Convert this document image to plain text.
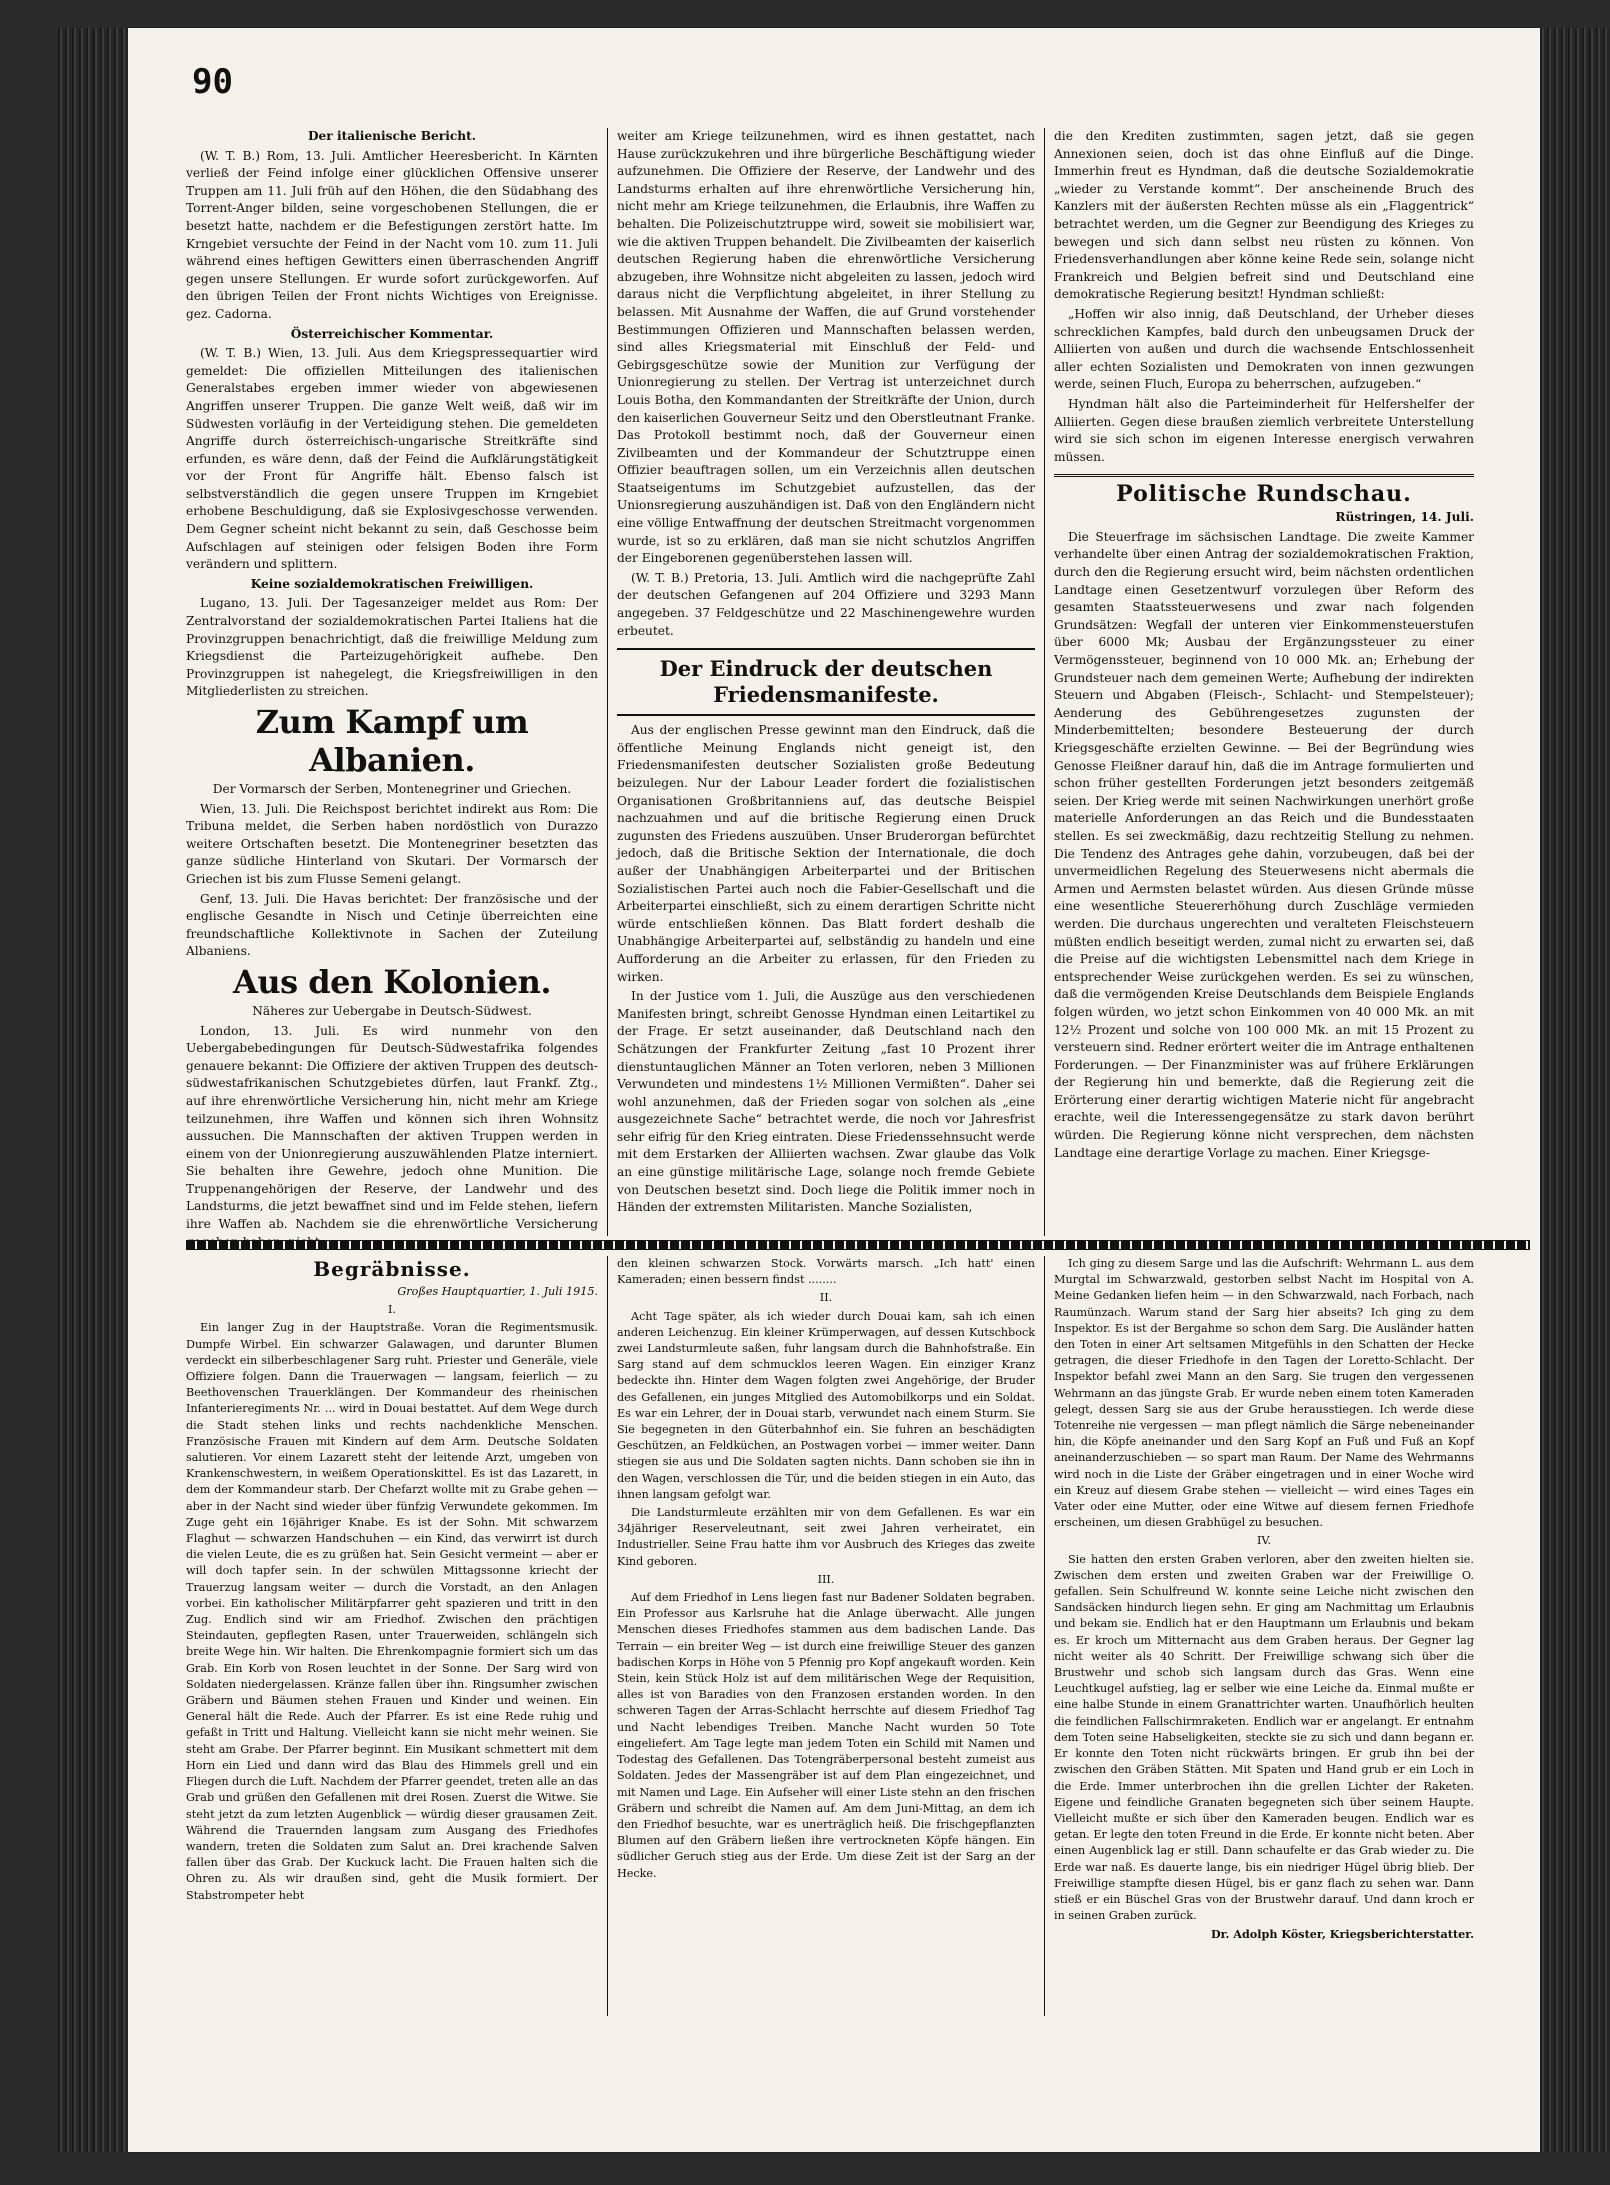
90

Der italienische Bericht.

(W. T. B.) Rom, 13. Juli. Amtlicher Heeresbericht. In Kärnten verließ der Feind infolge einer glücklichen Offensive unserer Truppen am 11. Juli früh auf den Höhen, die den Südabhang des Torrent-Anger bilden, seine vorgeschobenen Stellungen, die er besetzt hatte, nachdem er die Befestigungen zerstört hatte. Im Krngebiet versuchte der Feind in der Nacht vom 10. zum 11. Juli während eines heftigen Gewitters einen überraschenden Angriff gegen unsere Stellungen. Er wurde sofort zurückgeworfen. Auf den übrigen Teilen der Front nichts Wichtiges von Ereignisse. gez. Cadorna.

Österreichischer Kommentar.

(W. T. B.) Wien, 13. Juli. Aus dem Kriegspressequartier wird gemeldet: Die offiziellen Mitteilungen des italienischen Generalstabes ergeben immer wieder von abgewiesenen Angriffen unserer Truppen. Die ganze Welt weiß, daß wir im Südwesten vorläufig in der Verteidigung stehen. Die gemeldeten Angriffe durch österreichisch-ungarische Streitkräfte sind erfunden, es wäre denn, daß der Feind die Aufklärungstätigkeit vor der Front für Angriffe hält. Ebenso falsch ist selbstverständlich die gegen unsere Truppen im Krngebiet erhobene Beschuldigung, daß sie Explosivgeschosse verwenden. Dem Gegner scheint nicht bekannt zu sein, daß Geschosse beim Aufschlagen auf steinigen oder felsigen Boden ihre Form verändern und splittern.

Keine sozialdemokratischen Freiwilligen.

Lugano, 13. Juli. Der Tagesanzeiger meldet aus Rom: Der Zentralvorstand der sozialdemokratischen Partei Italiens hat die Provinzgruppen benachrichtigt, daß die freiwillige Meldung zum Kriegsdienst die Parteizugehörigkeit aufhebe. Den Provinzgruppen ist nahegelegt, die Kriegsfreiwilligen in den Mitgliederlisten zu streichen.

Zum Kampf um Albanien.

Der Vormarsch der Serben, Montenegriner und Griechen.

Wien, 13. Juli. Die Reichspost berichtet indirekt aus Rom: Die Tribuna meldet, die Serben haben nordöstlich von Durazzo weitere Ortschaften besetzt. Die Montenegriner besetzten das ganze südliche Hinterland von Skutari. Der Vormarsch der Griechen ist bis zum Flusse Semeni gelangt.

Genf, 13. Juli. Die Havas berichtet: Der französische und der englische Gesandte in Nisch und Cetinje überreichten eine freundschaftliche Kollektivnote in Sachen der Zuteilung Albaniens.

Aus den Kolonien.

Näheres zur Uebergabe in Deutsch-Südwest.

London, 13. Juli. Es wird nunmehr von den Uebergabebedingungen für Deutsch-Südwestafrika folgendes genauere bekannt: Die Offiziere der aktiven Truppen des deutsch-südwestafrikanischen Schutzgebietes dürfen, laut Frankf. Ztg., auf ihre ehrenwörtliche Versicherung hin, nicht mehr am Kriege teilzunehmen, ihre Waffen und können sich ihren Wohnsitz aussuchen. Die Mannschaften der aktiven Truppen werden in einem von der Unionregierung auszuwählenden Platze interniert. Sie behalten ihre Gewehre, jedoch ohne Munition. Die Truppenangehörigen der Reserve, der Landwehr und des Landsturms, die jetzt bewaffnet sind und im Felde stehen, liefern ihre Waffen ab. Nachdem sie die ehrenwörtliche Versicherung

weiter am Kriege teilzunehmen, wird es ihnen gestattet, nach Hause zurückzukehren und ihre bürgerliche Beschäftigung wieder aufzunehmen. Die Offiziere der Reserve, der Landwehr und des Landsturms erhalten auf ihre ehrenwörtliche Versicherung hin, nicht mehr am Kriege teilzunehmen, die Erlaubnis, ihre Waffen zu behalten. Die Polizeischutztruppe wird, soweit sie mobilisiert war, wie die aktiven Truppen behandelt. Die Zivilbeamten der kaiserlich deutschen Regierung haben die ehrenwörtliche Versicherung abzugeben, ihre Wohnsitze nicht abgeleiten zu lassen, jedoch wird daraus nicht die Verpflichtung abgeleitet, in ihrer Stellung zu belassen. Mit Ausnahme der Waffen, die auf Grund vorstehender Bestimmungen Offizieren und Mannschaften belassen werden, sind alles Kriegsmaterial mit Einschluß der Feld- und Gebirgsgeschütze sowie der Munition zur Verfügung der Unionregierung zu stellen. Der Vertrag ist unterzeichnet durch Louis Botha, den Kommandanten der Streitkräfte der Union, durch den kaiserlichen Gouverneur Seitz und den Oberstleutnant Franke. Das Protokoll bestimmt noch, daß der Gouverneur einen Zivilbeamten und der Kommandeur der Schutztruppe einen Offizier beauftragen sollen, um ein Verzeichnis allen deutschen Staatseigentums im Schutzgebiet aufzustellen, das der Unionsregierung auszuhändigen ist. Daß von den Engländern nicht eine völlige Entwaffnung der deutschen Streitmacht vorgenommen wurde, ist so zu erklären, daß man sie nicht schutzlos Angriffen der Eingeborenen gegenüberstehen lassen will.

(W. T. B.) Pretoria, 13. Juli. Amtlich wird die nachgeprüfte Zahl der deutschen Gefangenen auf 204 Offiziere und 3293 Mann angegeben. 37 Feldgeschütze und 22 Maschinengewehre wurden erbeutet.

Der Eindruck der deutschen Friedensmanifeste.

Aus der englischen Presse gewinnt man den Eindruck, daß die öffentliche Meinung Englands nicht geneigt ist, den Friedensmanifesten deutscher Sozialisten große Bedeutung beizulegen. Nur der Labour Leader fordert die fozialistischen Organisationen Großbritanniens auf, das deutsche Beispiel nachzuahmen und auf die britische Regierung einen Druck zugunsten des Friedens auszuüben. Unser Bruderorgan befürchtet jedoch, daß die Britische Sektion der Internationale, die doch außer der Unabhängigen Arbeiterpartei und der Britischen Sozialistischen Partei auch noch die Fabier-Gesellschaft und die Arbeiterpartei einschließt, sich zu einem derartigen Schritte nicht würde entschließen können. Das Blatt fordert deshalb die Unabhängige Arbeiterpartei auf, selbständig zu handeln und eine Aufforderung an die Arbeiter zu erlassen, für den Frieden zu wirken.

In der Justice vom 1. Juli, die Auszüge aus den verschiedenen Manifesten bringt, schreibt Genosse Hyndman einen Leitartikel zu der Frage. Er setzt auseinander, daß Deutschland nach den Schätzungen der Frankfurter Zeitung „fast 10 Prozent ihrer dienstuntauglichen Männer an Toten verloren, neben 3 Millionen Verwundeten und mindestens 1½ Millionen Vermißten“. Daher sei wohl anzunehmen, daß der Frieden sogar von solchen als „eine ausgezeichnete Sache“ betrachtet werde, die noch vor Jahresfrist sehr eifrig für den Krieg eintraten. Diese Friedenssehnsucht werde mit dem Erstarken der Alliierten wachsen. Zwar glaube das Volk an eine günstige militärische Lage, solange noch fremde Gebiete von Deutschen besetzt sind. Doch liege die Politik immer noch in Händen der extremsten Militaristen. Manche Sozialisten,

die den Krediten zustimmten, sagen jetzt, daß sie gegen Annexionen seien, doch ist das ohne Einfluß auf die Dinge. Immerhin freut es Hyndman, daß die deutsche Sozialdemokratie „wieder zu Verstande kommt“. Der anscheinende Bruch des Kanzlers mit der äußersten Rechten müsse als ein „Flaggentrick“ betrachtet werden, um die Gegner zur Beendigung des Krieges zu bewegen und sich dann selbst neu rüsten zu können. Von Friedensverhandlungen aber könne keine Rede sein, solange nicht Frankreich und Belgien befreit sind und Deutschland eine demokratische Regierung besitzt! Hyndman schließt:

„Hoffen wir also innig, daß Deutschland, der Urheber dieses schrecklichen Kampfes, bald durch den unbeugsamen Druck der Alliierten von außen und durch die wachsende Entschlossenheit aller echten Sozialisten und Demokraten von innen gezwungen werde, seinen Fluch, Europa zu beherrschen, aufzugeben.“

Hyndman hält also die Parteiminderheit für Helfershelfer der Alliierten. Gegen diese braußen ziemlich verbreitete Unterstellung wird sie sich schon im eigenen Interesse energisch verwahren müssen.

Politische Rundschau.

Rüstringen, 14. Juli.

Die Steuerfrage im sächsischen Landtage. Die zweite Kammer verhandelte über einen Antrag der sozialdemokratischen Fraktion, durch den die Regierung ersucht wird, beim nächsten ordentlichen Landtage einen Gesetzentwurf vorzulegen über Reform des gesamten Staatssteuerwesens und zwar nach folgenden Grundsätzen: Wegfall der unteren vier Einkommensteuerstufen über 6000 Mk; Ausbau der Ergänzungssteuer zu einer Vermögenssteuer, beginnend von 10 000 Mk. an; Erhebung der Grundsteuer nach dem gemeinen Werte; Aufhebung der indirekten Steuern und Abgaben (Fleisch-, Schlacht- und Stempelsteuer); Aenderung des Gebührengesetzes zugunsten der Minderbemittelten; besondere Besteuerung der durch Kriegsgeschäfte erzielten Gewinne. — Bei der Begründung wies Genosse Fleißner darauf hin, daß die im Antrage formulierten und schon früher gestellten Forderungen jetzt besonders zeitgemäß seien. Der Krieg werde mit seinen Nachwirkungen unerhört große materielle Anforderungen an das Reich und die Bundesstaaten stellen. Es sei zweckmäßig, dazu rechtzeitig Stellung zu nehmen. Die Tendenz des Antrages gehe dahin, vorzubeugen, daß bei der unvermeidlichen Regelung des Steuerwesens nicht abermals die Armen und Aermsten belastet würden. Aus diesen Gründe müsse eine wesentliche Steuererhöhung durch Zuschläge vermieden werden. Die durchaus ungerechten und veralteten Fleischsteuern müßten endlich beseitigt werden, zumal nicht zu erwarten sei, daß die Preise auf die wichtigsten Lebensmittel nach dem Kriege in entsprechender Weise zurückgehen werden. Es sei zu wünschen, daß die vermögenden Kreise Deutschlands dem Beispiele Englands folgen würden, wo jetzt schon Einkommen von 40 000 Mk. an mit 12½ Prozent und solche von 100 000 Mk. an mit 15 Prozent zu versteuern sind. Redner erörtert weiter die im Antrage enthaltenen Forderungen. — Der Finanzminister was auf frühere Erklärungen der Regierung hin und bemerkte, daß die Regierung zeit die Erörterung einer derartig wichtigen Materie nicht für angebracht erachte, weil die Interessengegensätze zu stark davon berührt würden. Die Regierung könne nicht versprechen, dem nächsten Landtage eine derartige Vorlage zu machen. Einer Kriegsge-

Begräbnisse.

Großes Hauptquartier, 1. Juli 1915.

I.

Ein langer Zug in der Hauptstraße. Voran die Regimentsmusik. Dumpfe Wirbel. Ein schwarzer Galawagen, und darunter Blumen verdeckt ein silberbeschlagener Sarg ruht. Priester und Generäle, viele Offiziere folgen. Dann die Trauerwagen — langsam, feierlich — zu Beethovenschen Trauerklängen. Der Kommandeur des rheinischen Infanterieregiments Nr. ... wird in Douai bestattet. Auf dem Wege durch die Stadt stehen links und rechts nachdenkliche Menschen. Französische Frauen mit Kindern auf dem Arm. Deutsche Soldaten salutieren. Vor einem Lazarett steht der leitende Arzt, umgeben von Krankenschwestern, in weißem Operationskittel. Es ist das Lazarett, in dem der Kommandeur starb. Der Chefarzt wollte mit zu Grabe gehen — aber in der Nacht sind wieder über fünfzig Verwundete gekommen. Im Zuge geht ein 16jähriger Knabe. Es ist der Sohn. Mit schwarzem Flaghut — schwarzen Handschuhen — ein Kind, das verwirrt ist durch die vielen Leute, die es zu grüßen hat. Sein Gesicht vermeint — aber er will doch tapfer sein. In der schwülen Mittagssonne kriecht der Trauerzug langsam weiter — durch die Vorstadt, an den Anlagen vorbei. Ein katholischer Militärpfarrer geht spazieren und tritt in den Zug. Endlich sind wir am Friedhof. Zwischen den prächtigen Steindauten, gepflegten Rasen, unter Trauerweiden, schlängeln sich breite Wege hin. Wir halten. Die Ehrenkompagnie formiert sich um das Grab. Ein Korb von Rosen leuchtet in der Sonne. Der Sarg wird von Soldaten niedergelassen. Kränze fallen über ihn. Ringsumher zwischen Gräbern und Bäumen stehen Frauen und Kinder und weinen. Ein General hält die Rede. Auch der Pfarrer. Es ist eine Rede ruhig und gefaßt in Tritt und Haltung. Vielleicht kann sie nicht mehr weinen. Sie steht am Grabe. Der Pfarrer beginnt. Ein Musikant schmettert mit dem Horn ein Lied und dann wird das Blau des Himmels grell und ein Fliegen durch die Luft. Nachdem der Pfarrer geendet, treten alle an das Grab und grüßen den Gefallenen mit drei Rosen. Zuerst die Witwe. Sie steht jetzt da zum letzten Augenblick — würdig dieser grausamen Zeit. Während die Trauernden langsam zum Ausgang des Friedhofes wandern, treten die Soldaten zum Salut an. Drei krachende Salven fallen über das Grab. Der Kuckuck lacht. Die Frauen halten sich die Ohren zu. Als wir draußen sind, geht die Musik formiert. Der Stabstrompeter hebt

den kleinen schwarzen Stock. Vorwärts marsch. „Ich hatt' einen Kameraden; einen bessern findst ........

II.

Acht Tage später, als ich wieder durch Douai kam, sah ich einen anderen Leichenzug. Ein kleiner Krümperwagen, auf dessen Kutschbock zwei Landsturmleute saßen, fuhr langsam durch die Bahnhofstraße. Ein Sarg stand auf dem schmucklos leeren Wagen. Ein einziger Kranz bedeckte ihn. Hinter dem Wagen folgten zwei Angehörige, der Bruder des Gefallenen, ein junges Mitglied des Automobilkorps und ein Soldat. Es war ein Lehrer, der in Douai starb, verwundet nach einem Sturm. Sie Sie begegneten in den Güterbahnhof ein. Sie fuhren an beschädigten Geschützen, an Feldküchen, an Postwagen vorbei — immer weiter. Dann stiegen sie aus und Die Soldaten sagten nichts. Dann schoben sie ihn in den Wagen, verschlossen die Tür, und die beiden stiegen in ein Auto, das ihnen langsam gefolgt war.

Die Landsturmleute erzählten mir von dem Gefallenen. Es war ein 34jähriger Reserveleutnant, seit zwei Jahren verheiratet, ein Industrieller. Seine Frau hatte ihm vor Ausbruch des Krieges das zweite Kind geboren.

III.

Auf dem Friedhof in Lens liegen fast nur Badener Soldaten begraben. Ein Professor aus Karlsruhe hat die Anlage überwacht. Alle jungen Menschen dieses Friedhofes stammen aus dem badischen Lande. Das Terrain — ein breiter Weg — ist durch eine freiwillige Steuer des ganzen badischen Korps in Höhe von 5 Pfennig pro Kopf angekauft worden. Kein Stein, kein Stück Holz ist auf dem militärischen Wege der Requisition, alles ist von Baradies von den Franzosen erstanden worden. In den schweren Tagen der Arras-Schlacht herrschte auf diesem Friedhof Tag und Nacht lebendiges Treiben. Manche Nacht wurden 50 Tote eingeliefert. Am Tage legte man jedem Toten ein Schild mit Namen und Todestag des Gefallenen. Das Totengräberpersonal besteht zumeist aus Soldaten. Jedes der Massengräber ist auf dem Plan eingezeichnet, und mit Namen und Lage. Ein Aufseher will einer Liste stehn an den frischen Gräbern und schreibt die Namen auf. Am dem Juni-Mittag, an dem ich den Friedhof besuchte, war es unerträglich heiß. Die frischgepflanzten Blumen auf den Gräbern ließen ihre vertrockneten Köpfe hängen. Ein südlicher Geruch stieg aus der Erde. Um diese Zeit ist der Sarg an der Hecke.

Ich ging zu diesem Sarge und las die Aufschrift: Wehrmann L. aus dem Murgtal im Schwarzwald, gestorben selbst Nacht im Hospital von A. Meine Gedanken liefen heim — in den Schwarzwald, nach Forbach, nach Raumünzach. Warum stand der Sarg hier abseits? Ich ging zu dem Inspektor. Es ist der Bergahme so schon dem Sarg. Die Ausländer hatten den Toten in einer Art seltsamen Mitgefühls in den Schatten der Hecke getragen, die dieser Friedhofe in den Tagen der Loretto-Schlacht. Der Inspektor befahl zwei Mann an den Sarg. Sie trugen den vergessenen Wehrmann an das jüngste Grab. Er wurde neben einem toten Kameraden gelegt, dessen Sarg sie aus der Grube herausstiegen. Ich werde diese Totenreihe nie vergessen — man pflegt nämlich die Särge nebeneinander hin, die Köpfe aneinander und den Sarg Kopf an Fuß und Fuß an Kopf aneinanderzuschieben — so spart man Raum. Der Name des Wehrmanns wird noch in die Liste der Gräber eingetragen und in einer Woche wird ein Kreuz auf diesem Grabe stehen — vielleicht — wird eines Tages ein Vater oder eine Mutter, oder eine Witwe auf diesem fernen Friedhofe erscheinen, um diesen Grabhügel zu besuchen.

IV.

Sie hatten den ersten Graben verloren, aber den zweiten hielten sie. Zwischen dem ersten und zweiten Graben war der Freiwillige O. gefallen. Sein Schulfreund W. konnte seine Leiche nicht zwischen den Sandsäcken hindurch liegen sehn. Er ging am Nachmittag um Erlaubnis und bekam sie. Endlich hat er den Hauptmann um Erlaubnis und bekam es. Er kroch um Mitternacht aus dem Graben heraus. Der Gegner lag nicht weiter als 40 Schritt. Der Freiwillige schwang sich über die Brustwehr und schob sich langsam durch das Gras. Wenn eine Leuchtkugel aufstieg, lag er selber wie eine Leiche da. Einmal mußte er eine halbe Stunde in einem Granattrichter warten. Unaufhörlich heulten die feindlichen Fallschirmraketen. Endlich war er angelangt. Er entnahm dem Toten seine Habseligkeiten, steckte sie zu sich und dann begann er. Er konnte den Toten nicht rückwärts bringen. Er grub ihn bei der zwischen den Gräben Stätten. Mit Spaten und Hand grub er ein Loch in die Erde. Immer unterbrochen ihn die grellen Lichter der Raketen. Eigene und feindliche Granaten begegneten sich über seinem Haupte. Vielleicht mußte er sich über den Kameraden beugen. Endlich war es getan. Er legte den toten Freund in die Erde. Er konnte nicht beten. Aber einen Augenblick lag er still. Dann schaufelte er das Grab wieder zu. Die Erde war naß. Es dauerte lange, bis ein niedriger Hügel übrig blieb. Der Freiwillige stampfte diesen Hügel, bis er ganz flach zu sehen war. Dann stieß er ein Büschel Gras von der Brustwehr darauf. Und dann kroch er in seinen Graben zurück.

Dr. Adolph Köster, Kriegsberichterstatter.
